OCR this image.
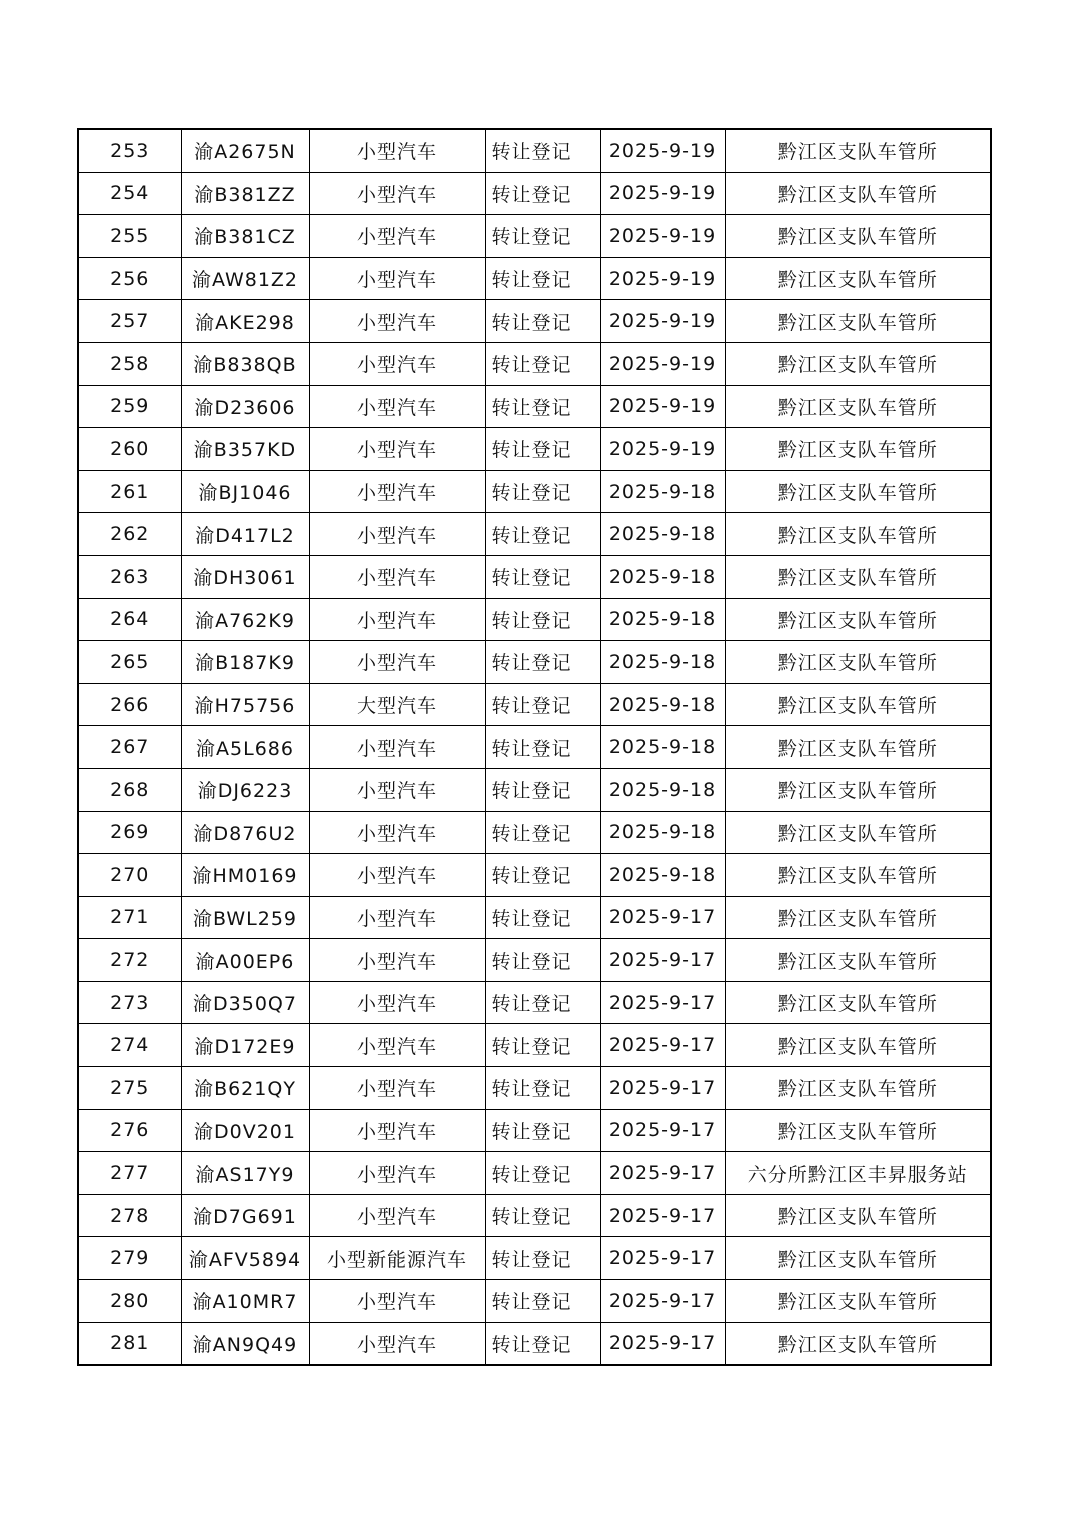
253	渝A2675N	小型汽车	转让登记	2025-9-19	黔江区支队车管所
254	渝B381ZZ	小型汽车	转让登记	2025-9-19	黔江区支队车管所
255	渝B381CZ	小型汽车	转让登记	2025-9-19	黔江区支队车管所
256	渝AW81Z2	小型汽车	转让登记	2025-9-19	黔江区支队车管所
257	渝AKE298	小型汽车	转让登记	2025-9-19	黔江区支队车管所
258	渝B838QB	小型汽车	转让登记	2025-9-19	黔江区支队车管所
259	渝D23606	小型汽车	转让登记	2025-9-19	黔江区支队车管所
260	渝B357KD	小型汽车	转让登记	2025-9-19	黔江区支队车管所
261	渝BJ1046	小型汽车	转让登记	2025-9-18	黔江区支队车管所
262	渝D417L2	小型汽车	转让登记	2025-9-18	黔江区支队车管所
263	渝DH3061	小型汽车	转让登记	2025-9-18	黔江区支队车管所
264	渝A762K9	小型汽车	转让登记	2025-9-18	黔江区支队车管所
265	渝B187K9	小型汽车	转让登记	2025-9-18	黔江区支队车管所
266	渝H75756	大型汽车	转让登记	2025-9-18	黔江区支队车管所
267	渝A5L686	小型汽车	转让登记	2025-9-18	黔江区支队车管所
268	渝DJ6223	小型汽车	转让登记	2025-9-18	黔江区支队车管所
269	渝D876U2	小型汽车	转让登记	2025-9-18	黔江区支队车管所
270	渝HM0169	小型汽车	转让登记	2025-9-18	黔江区支队车管所
271	渝BWL259	小型汽车	转让登记	2025-9-17	黔江区支队车管所
272	渝A00EP6	小型汽车	转让登记	2025-9-17	黔江区支队车管所
273	渝D350Q7	小型汽车	转让登记	2025-9-17	黔江区支队车管所
274	渝D172E9	小型汽车	转让登记	2025-9-17	黔江区支队车管所
275	渝B621QY	小型汽车	转让登记	2025-9-17	黔江区支队车管所
276	渝D0V201	小型汽车	转让登记	2025-9-17	黔江区支队车管所
277	渝AS17Y9	小型汽车	转让登记	2025-9-17	六分所黔江区丰昇服务站
278	渝D7G691	小型汽车	转让登记	2025-9-17	黔江区支队车管所
279	渝AFV5894	小型新能源汽车	转让登记	2025-9-17	黔江区支队车管所
280	渝A10MR7	小型汽车	转让登记	2025-9-17	黔江区支队车管所
281	渝AN9Q49	小型汽车	转让登记	2025-9-17	黔江区支队车管所
